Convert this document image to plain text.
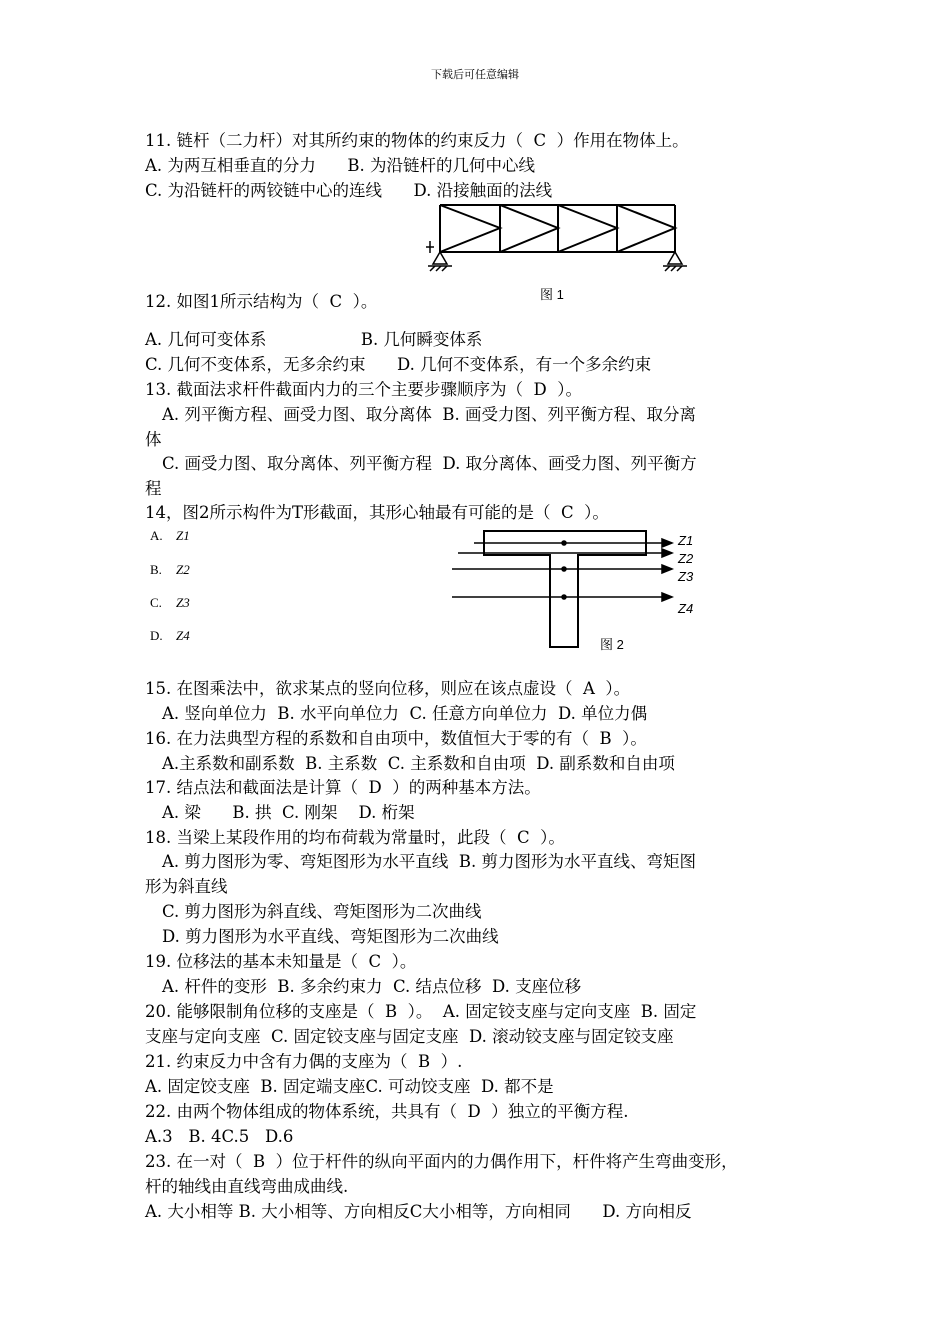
下载后可任意编辑
11. 链杆（二力杆）对其所约束的物体的约束反力（  C  ）作用在物体上。
A. 为两互相垂直的分力      B. 为沿链杆的几何中心线
C. 为沿链杆的两铰链中心的连线      D. 沿接触面的法线
12. 如图1所示结构为（  C  ）。
A. 几何可变体系                  B. 几何瞬变体系
C. 几何不变体系，无多余约束      D. 几何不变体系，有一个多余约束
13. 截面法求杆件截面内力的三个主要步骤顺序为（  D  ）。
A. 列平衡方程、画受力图、取分离体  B. 画受力图、列平衡方程、取分离
体
C. 画受力图、取分离体、列平衡方程  D. 取分离体、画受力图、列平衡方
程
14，图2所示构件为T形截面，其形心轴最有可能的是（  C  ）。
15. 在图乘法中，欲求某点的竖向位移，则应在该点虚设（  A  ）。
A. 竖向单位力  B. 水平向单位力  C. 任意方向单位力  D. 单位力偶
16. 在力法典型方程的系数和自由项中，数值恒大于零的有（  B  ）。
A.主系数和副系数  B. 主系数  C. 主系数和自由项  D. 副系数和自由项
17. 结点法和截面法是计算（  D  ）的两种基本方法。
A. 梁      B. 拱  C. 刚架    D. 桁架
18. 当梁上某段作用的均布荷载为常量时，此段（  C  ）。
A. 剪力图形为零、弯矩图形为水平直线  B. 剪力图形为水平直线、弯矩图
形为斜直线
C. 剪力图形为斜直线、弯矩图形为二次曲线
D. 剪力图形为水平直线、弯矩图形为二次曲线
19. 位移法的基本未知量是（  C  ）。
A. 杆件的变形  B. 多余约束力  C. 结点位移  D. 支座位移
20. 能够限制角位移的支座是（  B  ）。  A. 固定铰支座与定向支座  B. 固定
支座与定向支座  C. 固定铰支座与固定支座  D. 滚动铰支座与固定铰支座
21. 约束反力中含有力偶的支座为（  B  ）.
A. 固定饺支座  B. 固定端支座C. 可动饺支座  D. 都不是
22. 由两个物体组成的物体系统，共具有（  D  ）独立的平衡方程.
A.3   B. 4C.5   D.6
23. 在一对（  B  ）位于杆件的纵向平面内的力偶作用下，杆件将产生弯曲变形，
杆的轴线由直线弯曲成曲线.
A. 大小相等 B. 大小相等、方向相反C大小相等，方向相同      D. 方向相反
图 1
A. Z1
B. Z2
C. Z3
D. Z4
Z1
Z2
Z3
Z4
图 2
